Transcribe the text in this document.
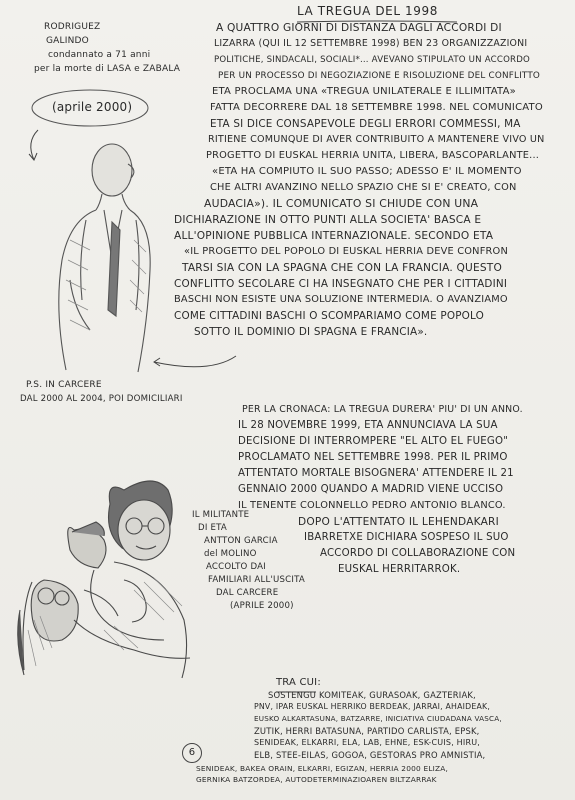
LA TREGUA DEL 1998

RODRIGUEZ
GALINDO
condannato a 71 anni
per la morte di LASA e ZABALA

(aprile 2000)

P.S. IN CARCERE
DAL 2000 AL 2004, POI DOMICILIARI
A QUATTRO GIORNI DI DISTANZA DAGLI ACCORDI DI
LIZARRA (QUI IL 12 SETTEMBRE 1998) BEN 23 ORGANIZZAZIONI
POLITICHE, SINDACALI, SOCIALI*... AVEVANO STIPULATO UN ACCORDO
PER UN PROCESSO DI NEGOZIAZIONE E RISOLUZIONE DEL CONFLITTO
ETA PROCLAMA UNA «TREGUA UNILATERALE E ILLIMITATA»
FATTA DECORRERE DAL 18 SETTEMBRE 1998. NEL COMUNICATO
ETA SI DICE CONSAPEVOLE DEGLI ERRORI COMMESSI, MA
RITIENE COMUNQUE DI AVER CONTRIBUITO A MANTENERE VIVO UN
PROGETTO DI EUSKAL HERRIA UNITA, LIBERA, BASCOPARLANTE...
«ETA HA COMPIUTO IL SUO PASSO; ADESSO E' IL MOMENTO
CHE ALTRI AVANZINO NELLO SPAZIO CHE SI E' CREATO, CON
AUDACIA»). IL COMUNICATO SI CHIUDE CON UNA
DICHIARAZIONE IN OTTO PUNTI ALLA SOCIETA' BASCA E
ALL'OPINIONE PUBBLICA INTERNAZIONALE. SECONDO ETA
«IL PROGETTO DEL POPOLO DI EUSKAL HERRIA DEVE CONFRON
TARSI SIA CON LA SPAGNA CHE CON LA FRANCIA. QUESTO
CONFLITTO SECOLARE CI HA INSEGNATO CHE PER I CITTADINI
BASCHI NON ESISTE UNA SOLUZIONE INTERMEDIA. O AVANZIAMO
COME CITTADINI BASCHI O SCOMPARIAMO COME POPOLO
SOTTO IL DOMINIO DI SPAGNA E FRANCIA».
PER LA CRONACA: LA TREGUA DURERA' PIU' DI UN ANNO.
IL 28 NOVEMBRE 1999, ETA ANNUNCIAVA LA SUA
DECISIONE DI INTERROMPERE "EL ALTO EL FUEGO"
PROCLAMATO NEL SETTEMBRE 1998. PER IL PRIMO
ATTENTATO MORTALE BISOGNERA' ATTENDERE IL 21
GENNAIO 2000 QUANDO A MADRID VIENE UCCISO
IL TENENTE COLONNELLO PEDRO ANTONIO BLANCO.
DOPO L'ATTENTATO IL LEHENDAKARI
IBARRETXE DICHIARA SOSPESO IL SUO
ACCORDO DI COLLABORAZIONE CON
EUSKAL HERRITARROK.
IL MILITANTE
DI ETA
ANTTON GARCIA
del MOLINO
ACCOLTO DAI
FAMILIARI ALL'USCITA
DAL CARCERE
(APRILE 2000)

TRA CUI:

SOSTENGU KOMITEAK, GURASOAK, GAZTERIAK,
PNV, IPAR EUSKAL HERRIKO BERDEAK, JARRAI, AHAIDEAK,
EUSKO ALKARTASUNA, BATZARRE, INICIATIVA CIUDADANA VASCA,
ZUTIK, HERRI BATASUNA, PARTIDO CARLISTA, EPSK,
SENIDEAK, ELKARRI, ELA, LAB, EHNE, ESK-CUIS, HIRU,
ELB, STEE-EILAS, GOGOA, GESTORAS PRO AMNISTIA,
SENIDEAK, BAKEA ORAIN, ELKARRI, EGIZAN, HERRIA 2000 ELIZA,
GERNIKA BATZORDEA, AUTODETERMINAZIOAREN BILTZARRAK
6
